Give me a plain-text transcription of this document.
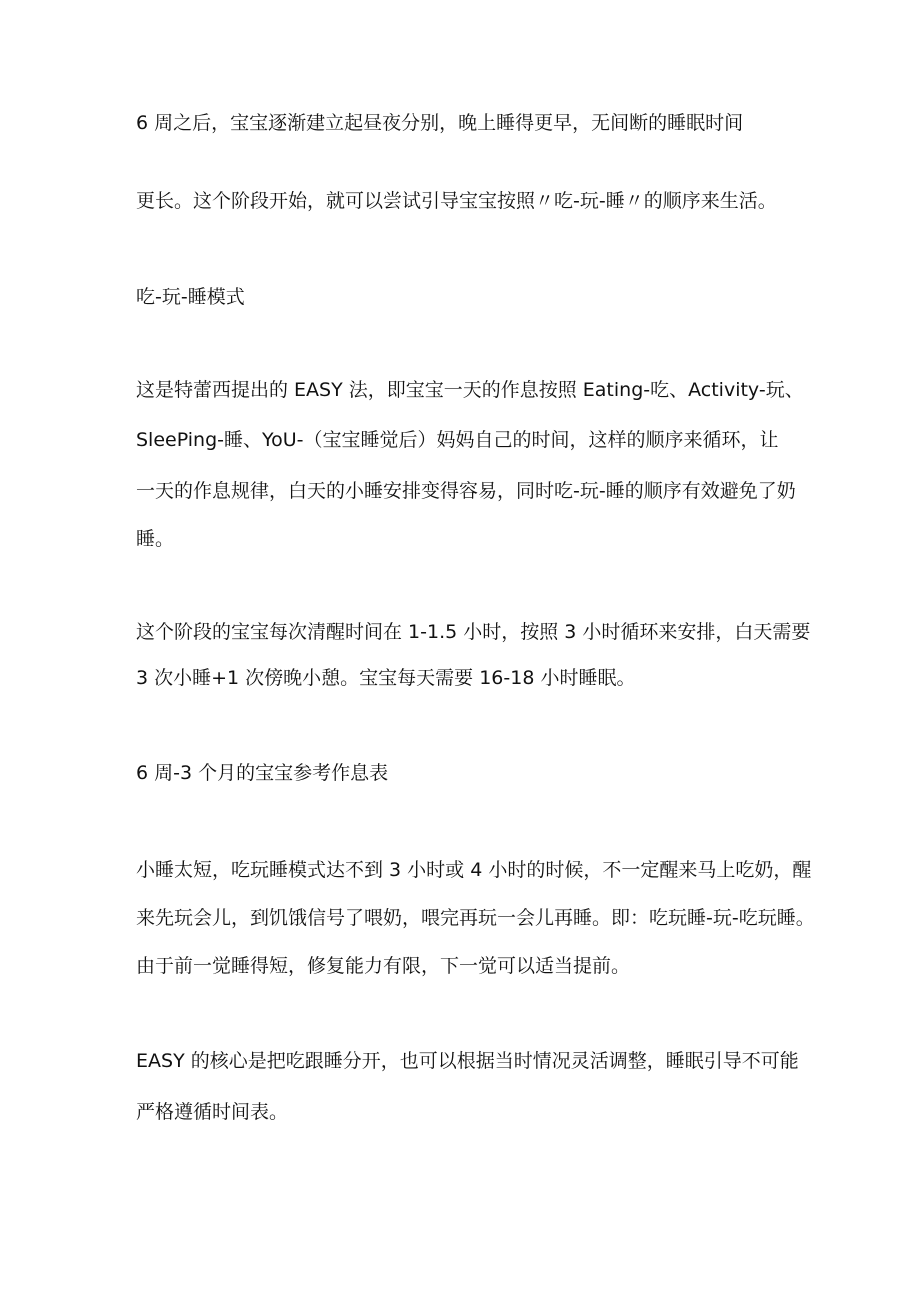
6 周之后，宝宝逐渐建立起昼夜分别，晚上睡得更早，无间断的睡眠时间
更长。这个阶段开始，就可以尝试引导宝宝按照〃吃-玩-睡〃的顺序来生活。
吃-玩-睡模式
这是特蕾西提出的 EASY 法，即宝宝一天的作息按照 Eating-吃、Activity-玩、
SleePing-睡、YoU-（宝宝睡觉后）妈妈自己的时间，这样的顺序来循环，让
一天的作息规律，白天的小睡安排变得容易，同时吃-玩-睡的顺序有效避免了奶
睡。
这个阶段的宝宝每次清醒时间在 1-1.5 小时，按照 3 小时循环来安排，白天需要
3 次小睡+1 次傍晚小憩。宝宝每天需要 16-18 小时睡眠。
6 周-3 个月的宝宝参考作息表
小睡太短，吃玩睡模式达不到 3 小时或 4 小时的时候，不一定醒来马上吃奶，醒
来先玩会儿，到饥饿信号了喂奶，喂完再玩一会儿再睡。即：吃玩睡-玩-吃玩睡。
由于前一觉睡得短，修复能力有限，下一觉可以适当提前。
EASY 的核心是把吃跟睡分开，也可以根据当时情况灵活调整，睡眠引导不可能
严格遵循时间表。
